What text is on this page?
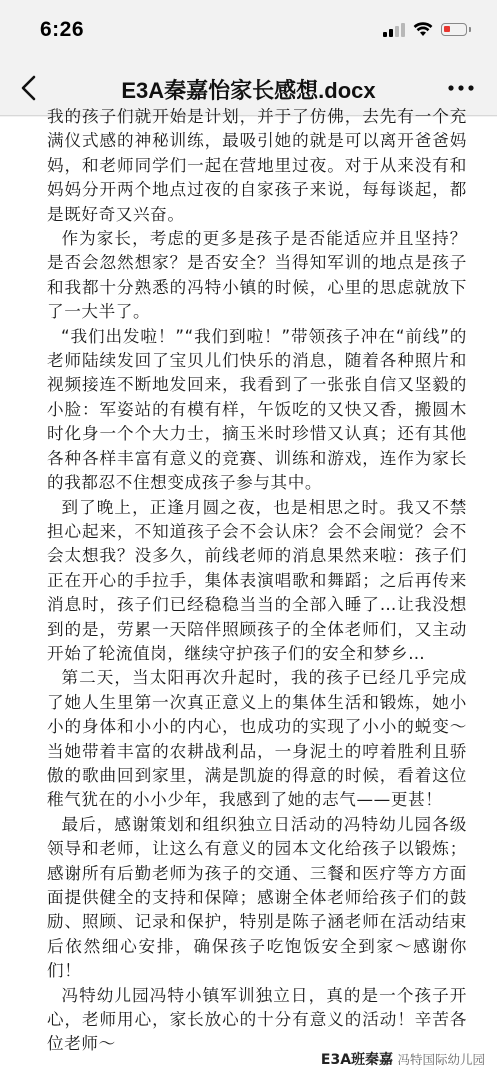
6:26
E3A秦嘉怡家长感想.docx

我的孩子们就开始是计划，并于了仿佛，去先有一个充满仪式感的神秘训练，最吸引她的就是可以离开爸爸妈妈，和老师同学们一起在营地里过夜。对于从来没有和妈妈分开两个地点过夜的自家孩子来说，每每谈起，都是既好奇又兴奋。

作为家长，考虑的更多是孩子是否能适应并且坚持？是否会忽然想家？是否安全？当得知军训的地点是孩子和我都十分熟悉的冯特小镇的时候，心里的思虑就放下了一大半了。

“我们出发啦！”“我们到啦！”带领孩子冲在“前线”的老师陆续发回了宝贝儿们快乐的消息，随着各种照片和视频接连不断地发回来，我看到了一张张自信又坚毅的小脸：军姿站的有模有样，午饭吃的又快又香，搬圆木时化身一个个大力士，摘玉米时珍惜又认真；还有其他各种各样丰富有意义的竞赛、训练和游戏，连作为家长的我都忍不住想变成孩子参与其中。

到了晚上，正逢月圆之夜，也是相思之时。我又不禁担心起来，不知道孩子会不会认床？会不会闹觉？会不会太想我？没多久，前线老师的消息果然来啦：孩子们正在开心的手拉手，集体表演唱歌和舞蹈；之后再传来消息时，孩子们已经稳稳当当的全部入睡了…让我没想到的是，劳累一天陪伴照顾孩子的全体老师们，又主动开始了轮流值岗，继续守护孩子们的安全和梦乡…

第二天，当太阳再次升起时，我的孩子已经几乎完成了她人生里第一次真正意义上的集体生活和锻炼，她小小的身体和小小的内心，也成功的实现了小小的蜕变～当她带着丰富的农耕战利品，一身泥土的哼着胜利且骄傲的歌曲回到家里，满是凯旋的得意的时候，看着这位稚气犹在的小小少年，我感到了她的志气——更甚！

最后，感谢策划和组织独立日活动的冯特幼儿园各级领导和老师，让这么有意义的园本文化给孩子以锻炼；感谢所有后勤老师为孩子的交通、三餐和医疗等方方面面提供健全的支持和保障；感谢全体老师给孩子们的鼓励、照顾、记录和保护，特别是陈子涵老师在活动结束后依然细心安排，确保孩子吃饱饭安全到家～感谢你们！

冯特幼儿园冯特小镇军训独立日，真的是一个孩子开心，老师用心，家长放心的十分有意义的活动！辛苦各位老师～

E3A班秦嘉 冯特国际幼儿园
